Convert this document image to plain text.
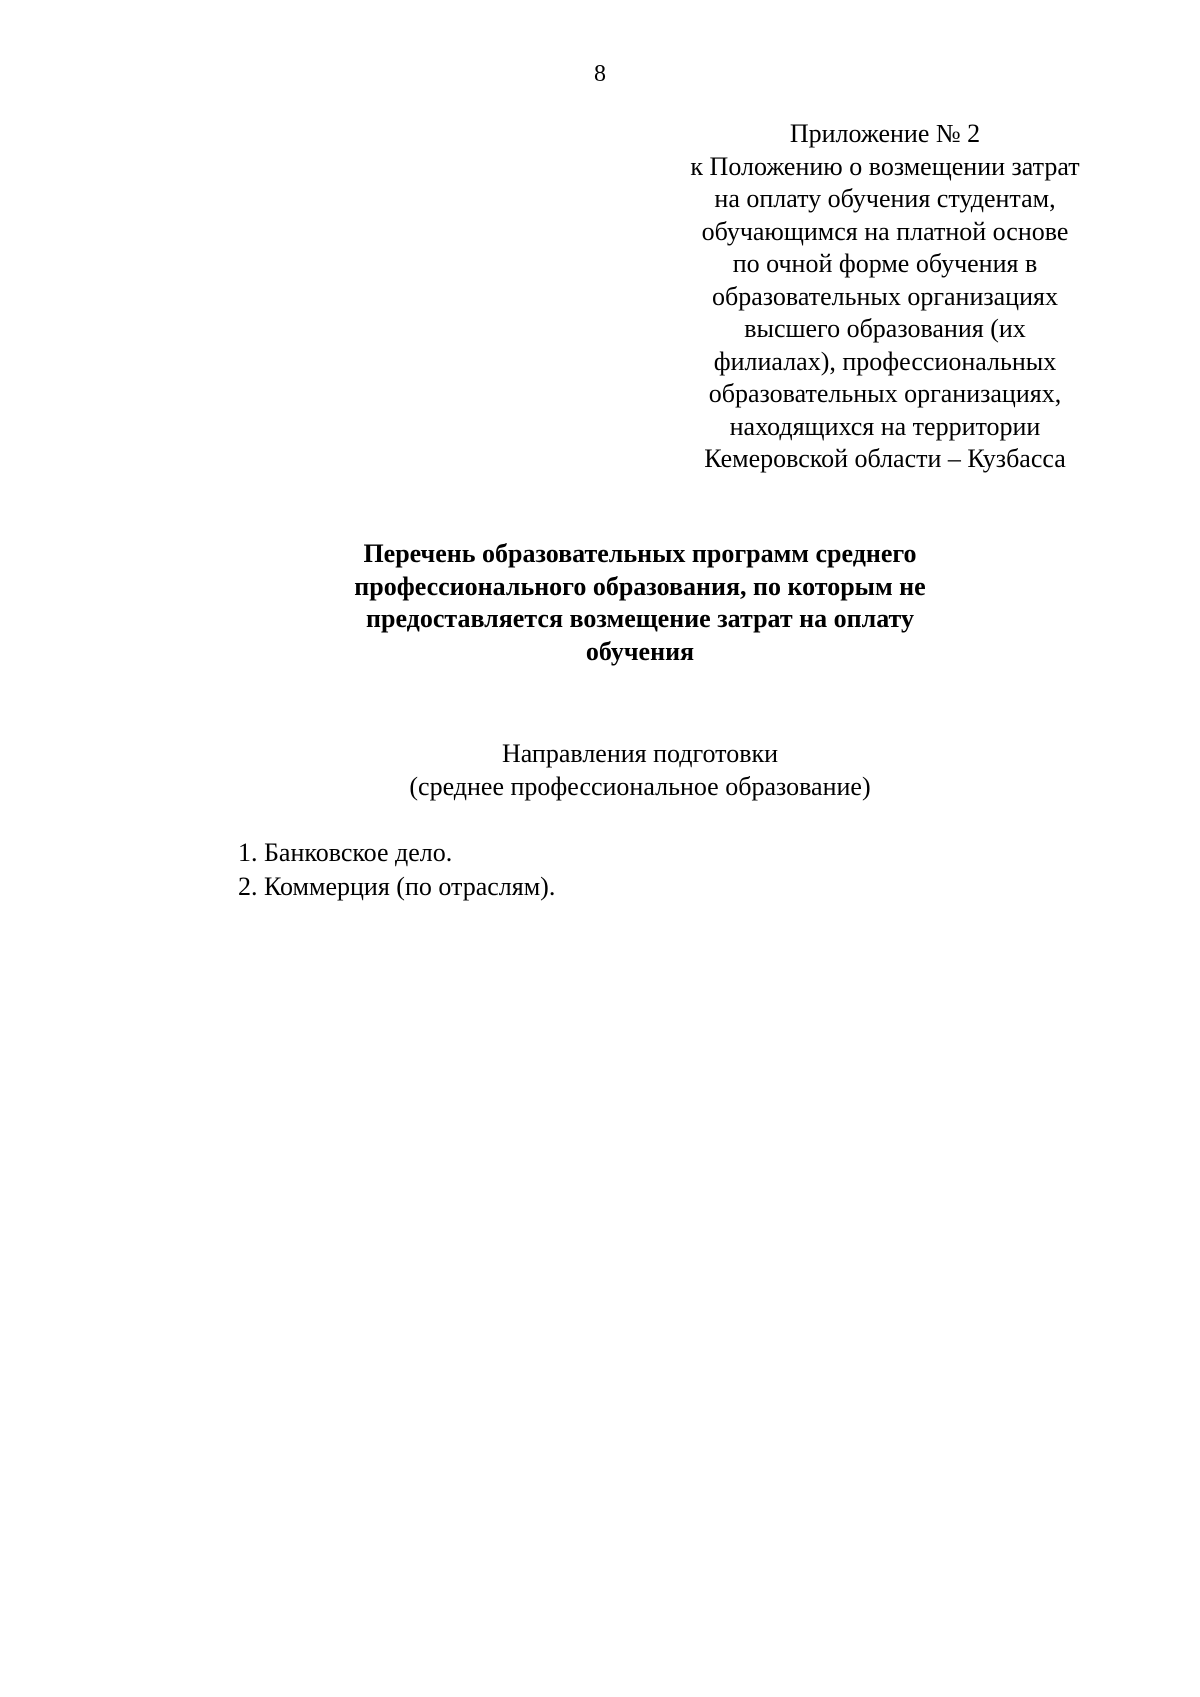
8
Приложение № 2
к Положению о возмещении затрат
на оплату обучения студентам,
обучающимся на платной основе
по очной форме обучения в
образовательных организациях
высшего образования (их
филиалах), профессиональных
образовательных организациях,
находящихся на территории
Кемеровской области – Кузбасса
Перечень образовательных программ среднего
профессионального образования, по которым не
предоставляется возмещение затрат на оплату
обучения
Направления подготовки
(среднее профессиональное образование)
1. Банковское дело.
2. Коммерция (по отраслям).
